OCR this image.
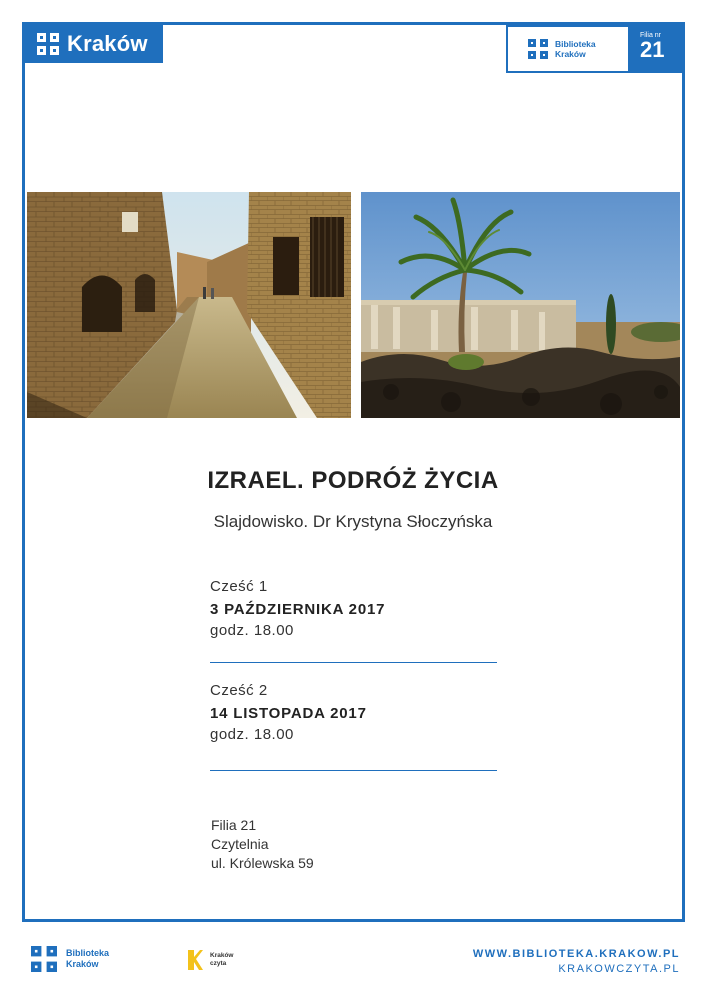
Kraków	Biblioteka
Kraków
Filia nr
21
IZRAEL. PODRÓŻ ŻYCIA
Slajdowisko. Dr Krystyna Słoczyńska
Cześć 1
3 PAŹDZIERNIKA 2017
godz. 18.00
Cześć 2
14 LISTOPADA 2017
godz. 18.00
Filia 21
Czytelnia
ul. Królewska 59
Biblioteka
Kraków
Kraków
czyta
WWW.BIBLIOTEKA.KRAKOW.PL
KRAKOWCZYTA.PL
